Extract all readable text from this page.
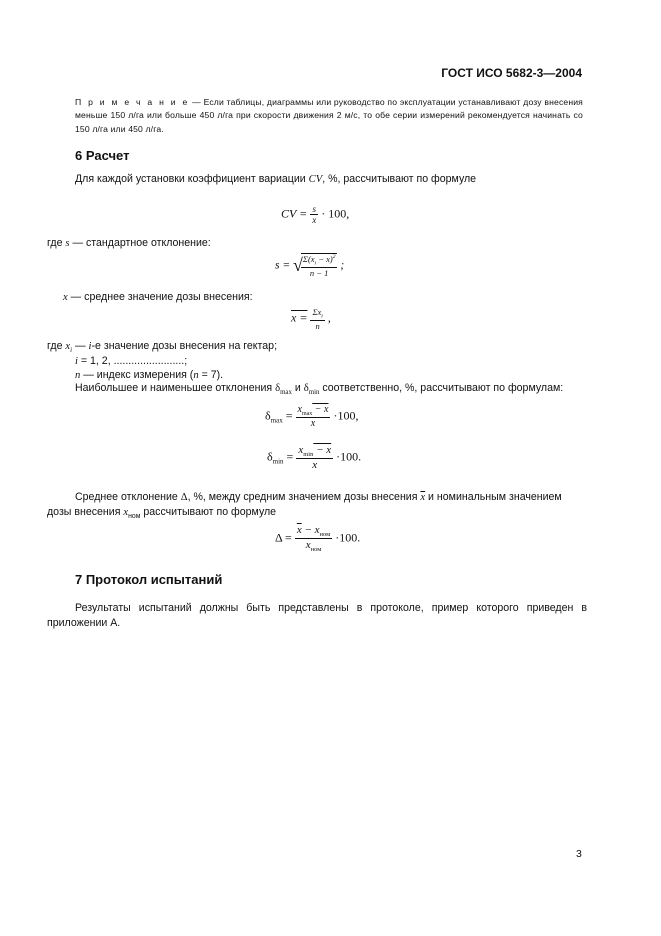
ГОСТ ИСО 5682-3—2004
П р и м е ч а н и е — Если таблицы, диаграммы или руководство по эксплуатации устанавливают дозу внесения меньше 150 л/га или больше 450 л/га при скорости движения 2 м/с, то обе серии измерений рекомендуется начинать со 150 л/га или 450 л/га.
6 Расчет
Для каждой установки коэффициент вариации CV, %, рассчитывают по формуле
CV = $\frac{s}{x} \cdot 100$,
где s — стандартное отклонение:
s = √
$\frac{\Sigma(x_i - x)^2}{n - 1}$ ;
x — среднее значение дозы внесения:
$x = \frac{\Sigma x_i}{n}$ ,
где $x_i$ — i-е значение дозы внесения на гектар;
i = 1, 2, ........................;
n — индекс измерения (n = 7).
Наибольшее и наименьшее отклонения $\delta_{max}$ и $\delta_{min}$ соответственно, %, рассчитывают по формулам:
$\delta_{max} = \frac{x_{max} - x}{x} \cdot 100$,
$\delta_{min} = \frac{x_{min} - x}{x} \cdot 100$.
Среднее отклонение Δ, %, между средним значением дозы внесения $\overline{x}$ и номинальным значением
дозы внесения $x_{ном}$ рассчитывают по формуле
$\Delta = \frac{\overline{x} - x_{ном}}{x_{ном}} \cdot 100$.
7 Протокол испытаний
Результаты испытаний должны быть представлены в протоколе, пример которого приведен в приложении А.
3
